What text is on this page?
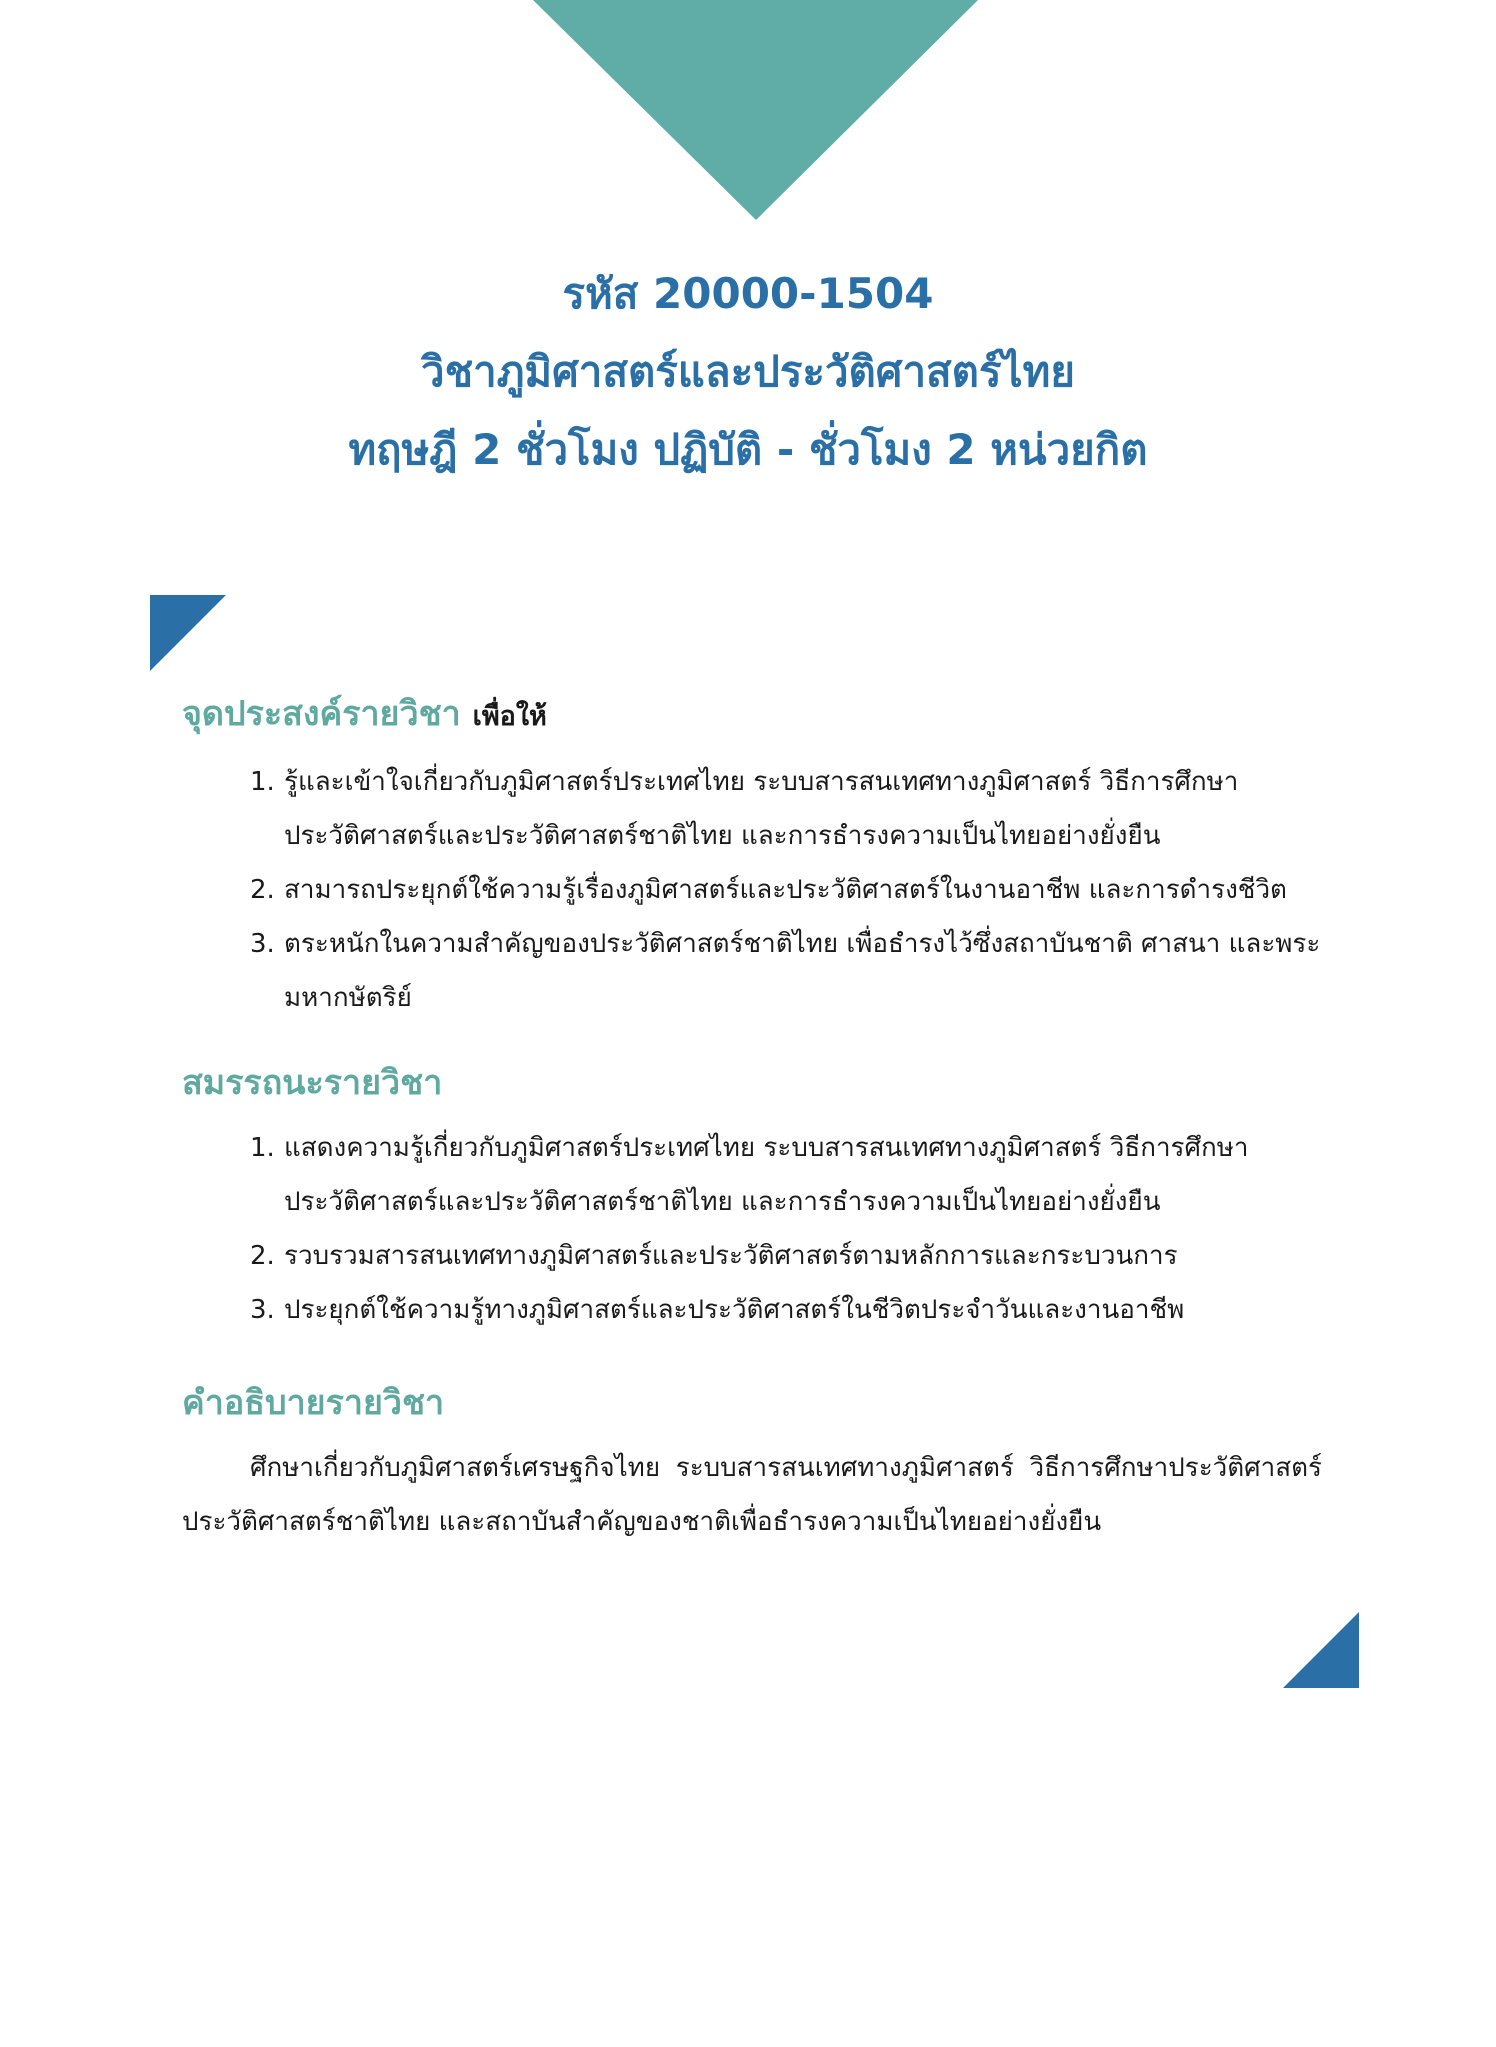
รหัส 20000-1504
วิชาภูมิศาสตร์และประวัติศาสตร์ไทย
ทฤษฎี 2 ชั่วโมง ปฏิบัติ - ชั่วโมง 2 หน่วยกิต
จุดประสงค์รายวิชา เพื่อให้
1. รู้และเข้าใจเกี่ยวกับภูมิศาสตร์ประเทศไทย ระบบสารสนเทศทางภูมิศาสตร์ วิธีการศึกษาประวัติศาสตร์และประวัติศาสตร์ชาติไทย และการธำรงความเป็นไทยอย่างยั่งยืน
2. สามารถประยุกต์ใช้ความรู้เรื่องภูมิศาสตร์และประวัติศาสตร์ในงานอาชีพ และการดำรงชีวิต
3. ตระหนักในความสำคัญของประวัติศาสตร์ชาติไทย เพื่อธำรงไว้ซึ่งสถาบันชาติ ศาสนา และพระมหากษัตริย์
สมรรถนะรายวิชา
1. แสดงความรู้เกี่ยวกับภูมิศาสตร์ประเทศไทย ระบบสารสนเทศทางภูมิศาสตร์ วิธีการศึกษาประวัติศาสตร์และประวัติศาสตร์ชาติไทย และการธำรงความเป็นไทยอย่างยั่งยืน
2. รวบรวมสารสนเทศทางภูมิศาสตร์และประวัติศาสตร์ตามหลักการและกระบวนการ
3. ประยุกต์ใช้ความรู้ทางภูมิศาสตร์และประวัติศาสตร์ในชีวิตประจำวันและงานอาชีพ
คำอธิบายรายวิชา

ศึกษาเกี่ยวกับภูมิศาสตร์เศรษฐกิจไทย ระบบสารสนเทศทางภูมิศาสตร์ วิธีการศึกษาประวัติศาสตร์ ประวัติศาสตร์ชาติไทย และสถาบันสำคัญของชาติเพื่อธำรงความเป็นไทยอย่างยั่งยืน
